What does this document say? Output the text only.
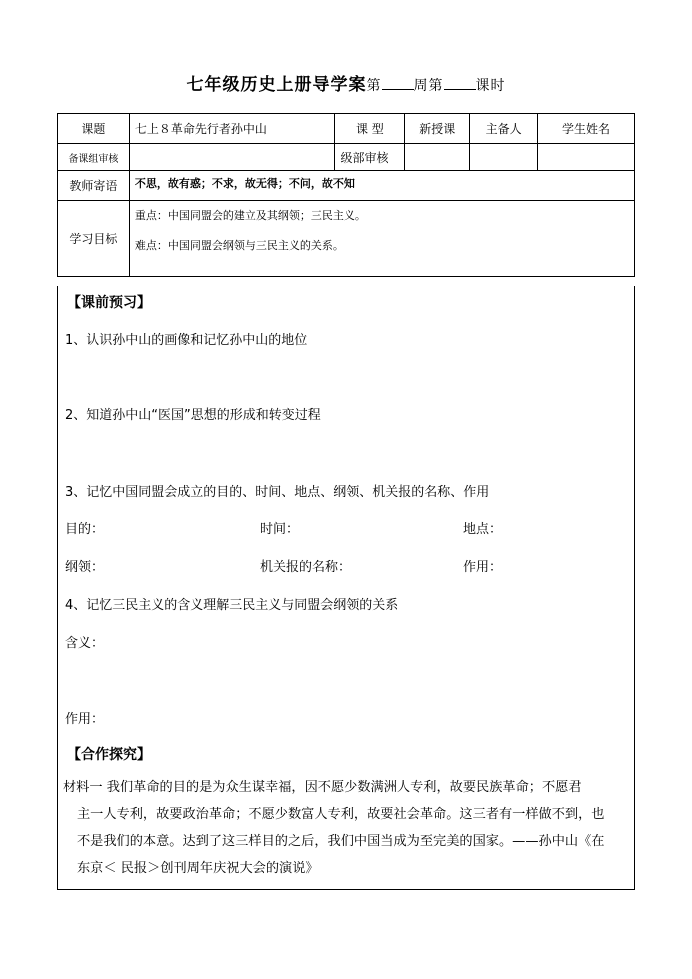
七年级历史上册导学案第 周第 课时
课题	七上８革命先行者孙中山	课 型	新授课	主备人	学生姓名
备课组审核		级部审核			
教师寄语	不思，故有惑；不求，故无得；不问，故不知				
学习目标	重点：中国同盟会的建立及其纲领；三民主义。
难点：中国同盟会纲领与三民主义的关系。				
【课前预习】
1、认识孙中山的画像和记忆孙中山的地位
2、知道孙中山“医国”思想的形成和转变过程
3、记忆中国同盟会成立的目的、时间、地点、纲领、机关报的名称、作用
目的：	时间：	地点：
纲领：	机关报的名称：	作用：
4、记忆三民主义的含义理解三民主义与同盟会纲领的关系
含义：
作用：
【合作探究】
材料一 我们革命的目的是为众生谋幸福，因不愿少数满洲人专利，故要民族革命；不愿君
主一人专利，故要政治革命；不愿少数富人专利，故要社会革命。这三者有一样做不到，也
不是我们的本意。达到了这三样目的之后，我们中国当成为至完美的国家。——孙中山《在
东京＜ 民报＞创刊周年庆祝大会的演说》
